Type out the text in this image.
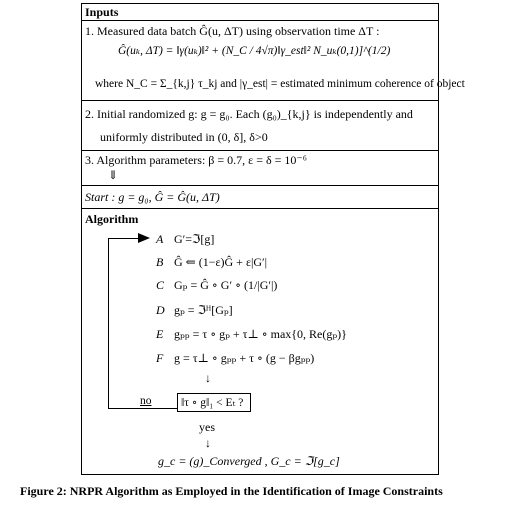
Inputs
1. Measured data batch Ĝ(u, ΔT) using observation time ΔT :
Ĝ(uₖ, ΔT) = ‖γ(uₖ)‖² + (N_C / 4√π)‖γ_est‖² N_uₖ(0,1)]^(1/2)
where N_C = Σ_{k,j} τ_kj and |γ_est| = estimated minimum coherence of object
2. Initial randomized g: g = g₀. Each (g₀)_{k,j} is independently and
uniformly distributed in (0, δ], δ>0
3. Algorithm parameters: β = 0.7, ε = δ = 10⁻⁶
⇓
Start : g = g₀, Ĝ = Ĝ(u, ΔT)
Algorithm
A G′=ℑ[g]
B Ĝ ⇐ (1−ε)Ĝ + ε|G′|
C Gₚ = Ĝ ∘ G′ ∘ (1/|G′|)
D gₚ = ℑᴴ[Gₚ]
E gₚₚ = τ ∘ gₚ + τ⊥ ∘ max{0, Re(gₚ)}
F g = τ⊥ ∘ gₚₚ + τ ∘ (g − βgₚₚ)
↓
no	‖τ ∘ g‖₁ < Eₜ ?
yes
↓
g_c = (g)_Converged , G_c = ℑ[g_c]
Figure 2: NRPR Algorithm as Employed in the Identification of Image Constraints
